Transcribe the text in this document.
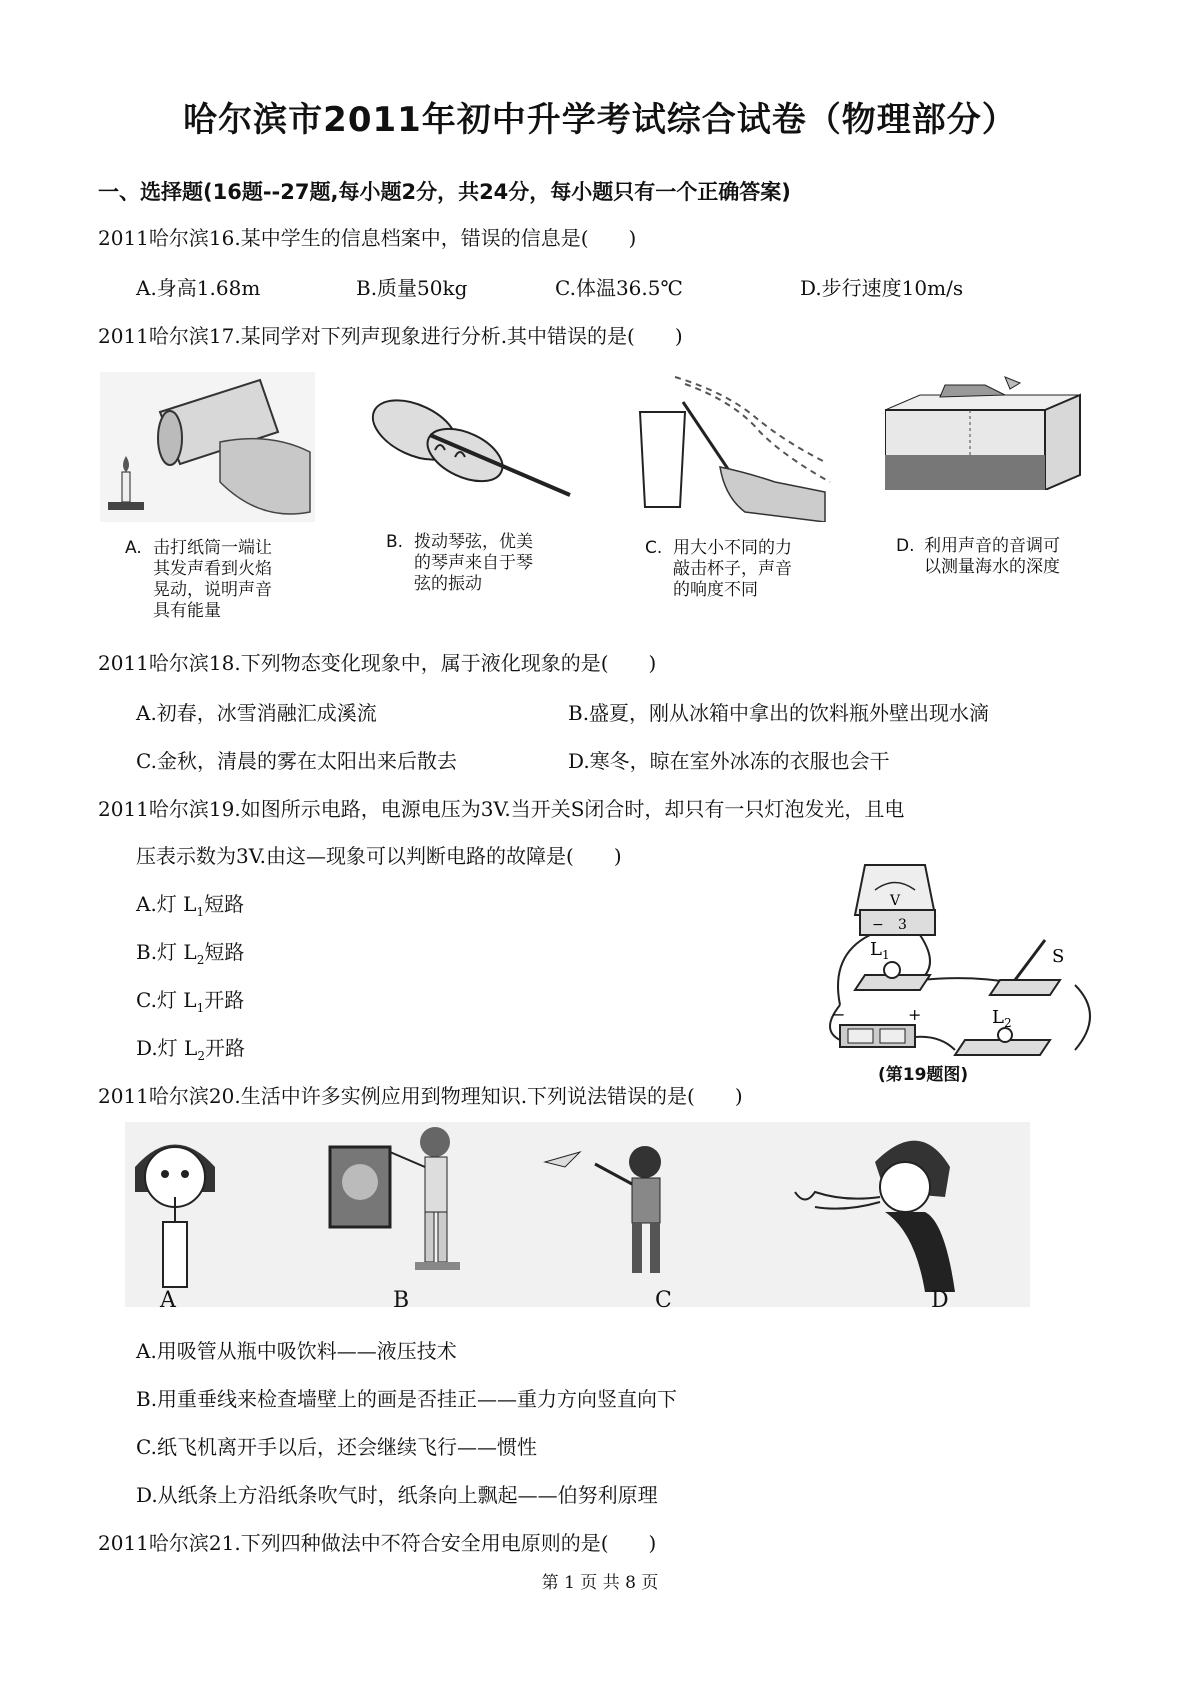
哈尔滨市2011年初中升学考试综合试卷（物理部分）
一、选择题(16题--27题,每小题2分，共24分，每小题只有一个正确答案)
2011哈尔滨16.某中学生的信息档案中，错误的信息是(　　)
A.身高1.68m	B.质量50kg	C.体温36.5℃	D.步行速度10m/s
2011哈尔滨17.某同学对下列声现象进行分析.其中错误的是(　　)
A. 击打纸筒一端让
其发声看到火焰
晃动，说明声音
具有能量
B. 拨动琴弦，优美
的琴声来自于琴
弦的振动
C. 用大小不同的力
敲击杯子，声音
的响度不同
D. 利用声音的音调可
以测量海水的深度
2011哈尔滨18.下列物态变化现象中，属于液化现象的是(　　)
A.初春，冰雪消融汇成溪流	B.盛夏，刚从冰箱中拿出的饮料瓶外壁出现水滴
C.金秋，清晨的雾在太阳出来后散去	D.寒冬，晾在室外冰冻的衣服也会干
2011哈尔滨19.如图所示电路，电源电压为3V.当开关S闭合时，却只有一只灯泡发光，且电
压表示数为3V.由这—现象可以判断电路的故障是(　　)
A.灯 $L_1$短路
B.灯 $L_2$短路
C.灯 $L_1$开路
D.灯 $L_2$开路
V
− 3
$L_1$	S
−	+	$L_2$
(第19题图)
2011哈尔滨20.生活中许多实例应用到物理知识.下列说法错误的是(　　)
A	B	C	D
A.用吸管从瓶中吸饮料——液压技术
B.用重垂线来检查墙壁上的画是否挂正——重力方向竖直向下
C.纸飞机离开手以后，还会继续飞行——惯性
D.从纸条上方沿纸条吹气时，纸条向上飘起——伯努利原理
2011哈尔滨21.下列四种做法中不符合安全用电原则的是(　　)
第 1 页 共 8 页
